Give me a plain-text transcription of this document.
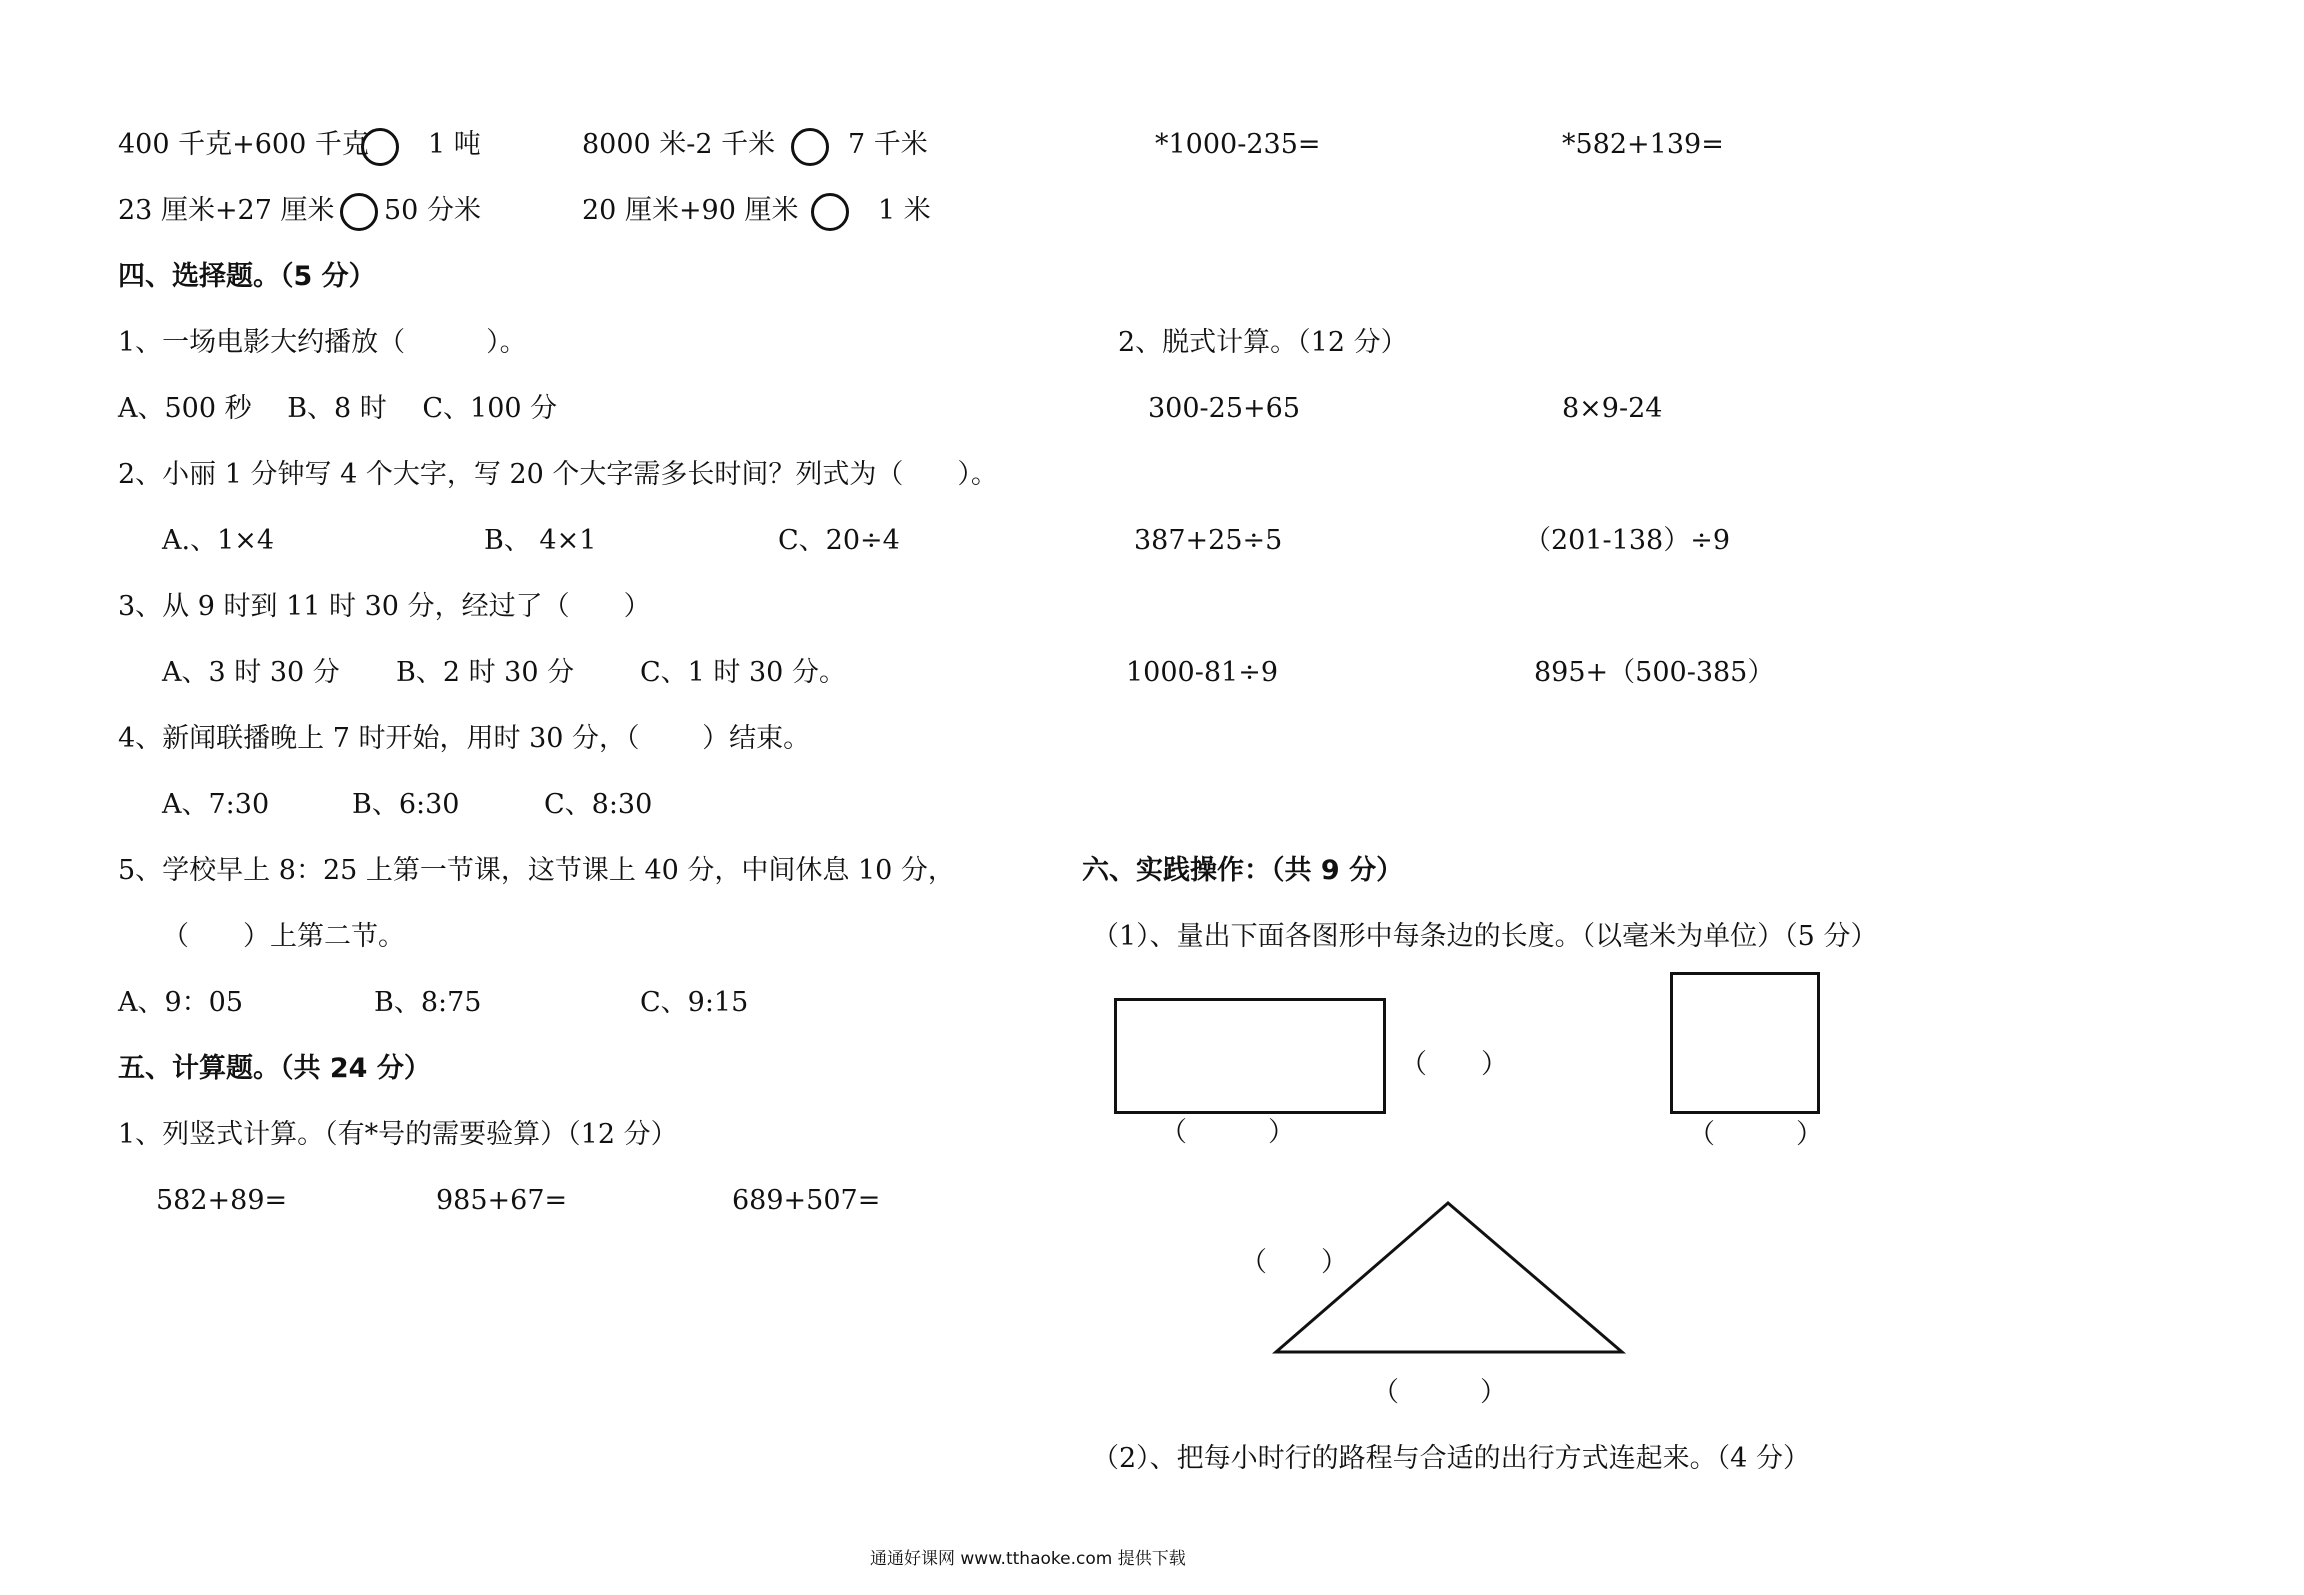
400 千克+600 千克 1 吨	8000 米-2 千米	7 千米	*1000-235=	*582+139=
23 厘米+27 厘米 50 分米	20 厘米+90 厘米	1 米
四、选择题。（5 分）
1、一场电影大约播放（　　　）。
A、500 秒　 B、8 时　 C、100 分
2、小丽 1 分钟写 4 个大字，写 20 个大字需多长时间？列式为（　　）。
A.、1×4	B、 4×1	C、20÷4
3、从 9 时到 11 时 30 分，经过了（　　）
A、3 时 30 分 B、2 时 30 分 C、1 时 30 分。
4、新闻联播晚上 7 时开始，用时 30 分，（　　 ）结束。
A、7:30	B、6:30	C、8:30
5、学校早上 8：25 上第一节课，这节课上 40 分，中间休息 10 分，
（　　）上第二节。
A、9：05	B、8:75	C、9:15
五、计算题。（共 24 分）
1、列竖式计算。（有*号的需要验算）（12 分）
582+89=	985+67=	689+507=
2、脱式计算。（12 分）
300-25+65	8×9-24
387+25÷5	（201-138）÷9
1000-81÷9	895+（500-385）
六、实践操作：（共 9 分）
（1）、量出下面各图形中每条边的长度。（以毫米为单位）（5 分）
（　　）
（　　　）	（　　　）
（　　）
（　　　）
（2）、把每小时行的路程与合适的出行方式连起来。（4 分）
通通好课网 www.tthaoke.com 提供下载
